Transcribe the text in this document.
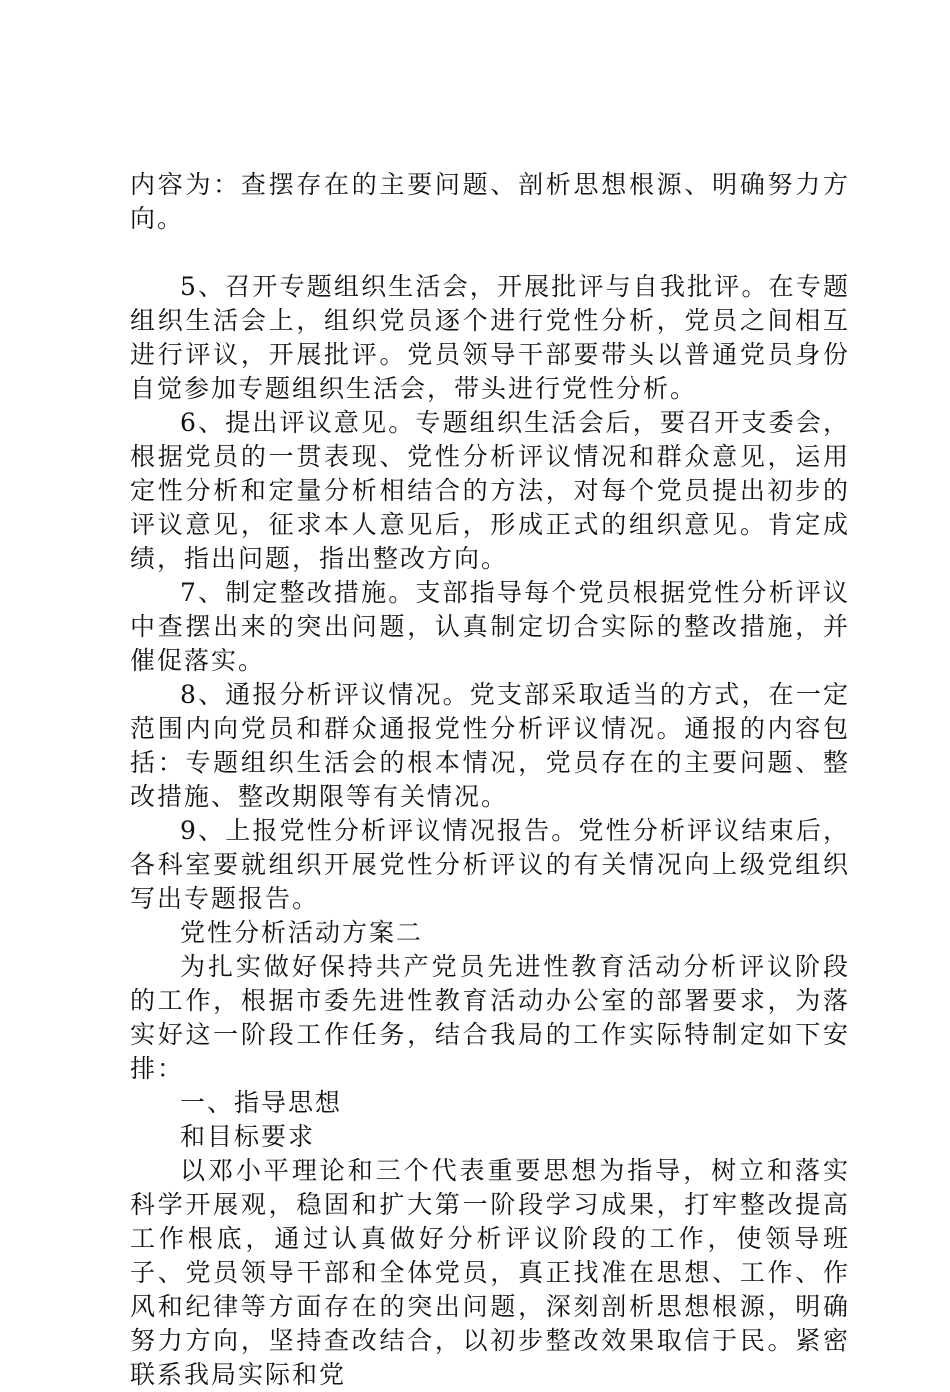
内容为：查摆存在的主要问题、剖析思想根源、明确努力方向。

5、召开专题组织生活会，开展批评与自我批评。在专题组织生活会上，组织党员逐个进行党性分析，党员之间相互进行评议，开展批评。党员领导干部要带头以普通党员身份自觉参加专题组织生活会，带头进行党性分析。

6、提出评议意见。专题组织生活会后，要召开支委会，根据党员的一贯表现、党性分析评议情况和群众意见，运用定性分析和定量分析相结合的方法，对每个党员提出初步的评议意见，征求本人意见后，形成正式的组织意见。肯定成绩，指出问题，指出整改方向。

7、制定整改措施。支部指导每个党员根据党性分析评议中查摆出来的突出问题，认真制定切合实际的整改措施，并催促落实。

8、通报分析评议情况。党支部采取适当的方式，在一定范围内向党员和群众通报党性分析评议情况。通报的内容包括：专题组织生活会的根本情况，党员存在的主要问题、整改措施、整改期限等有关情况。

9、上报党性分析评议情况报告。党性分析评议结束后，各科室要就组织开展党性分析评议的有关情况向上级党组织写出专题报告。

党性分析活动方案二

为扎实做好保持共产党员先进性教育活动分析评议阶段的工作，根据市委先进性教育活动办公室的部署要求，为落实好这一阶段工作任务，结合我局的工作实际特制定如下安排：

一、指导思想

和目标要求

以邓小平理论和三个代表重要思想为指导，树立和落实科学开展观，稳固和扩大第一阶段学习成果，打牢整改提高工作根底，通过认真做好分析评议阶段的工作，使领导班子、党员领导干部和全体党员，真正找准在思想、工作、作风和纪律等方面存在的突出问题，深刻剖析思想根源，明确努力方向，坚持查改结合，以初步整改效果取信于民。紧密联系我局实际和党
